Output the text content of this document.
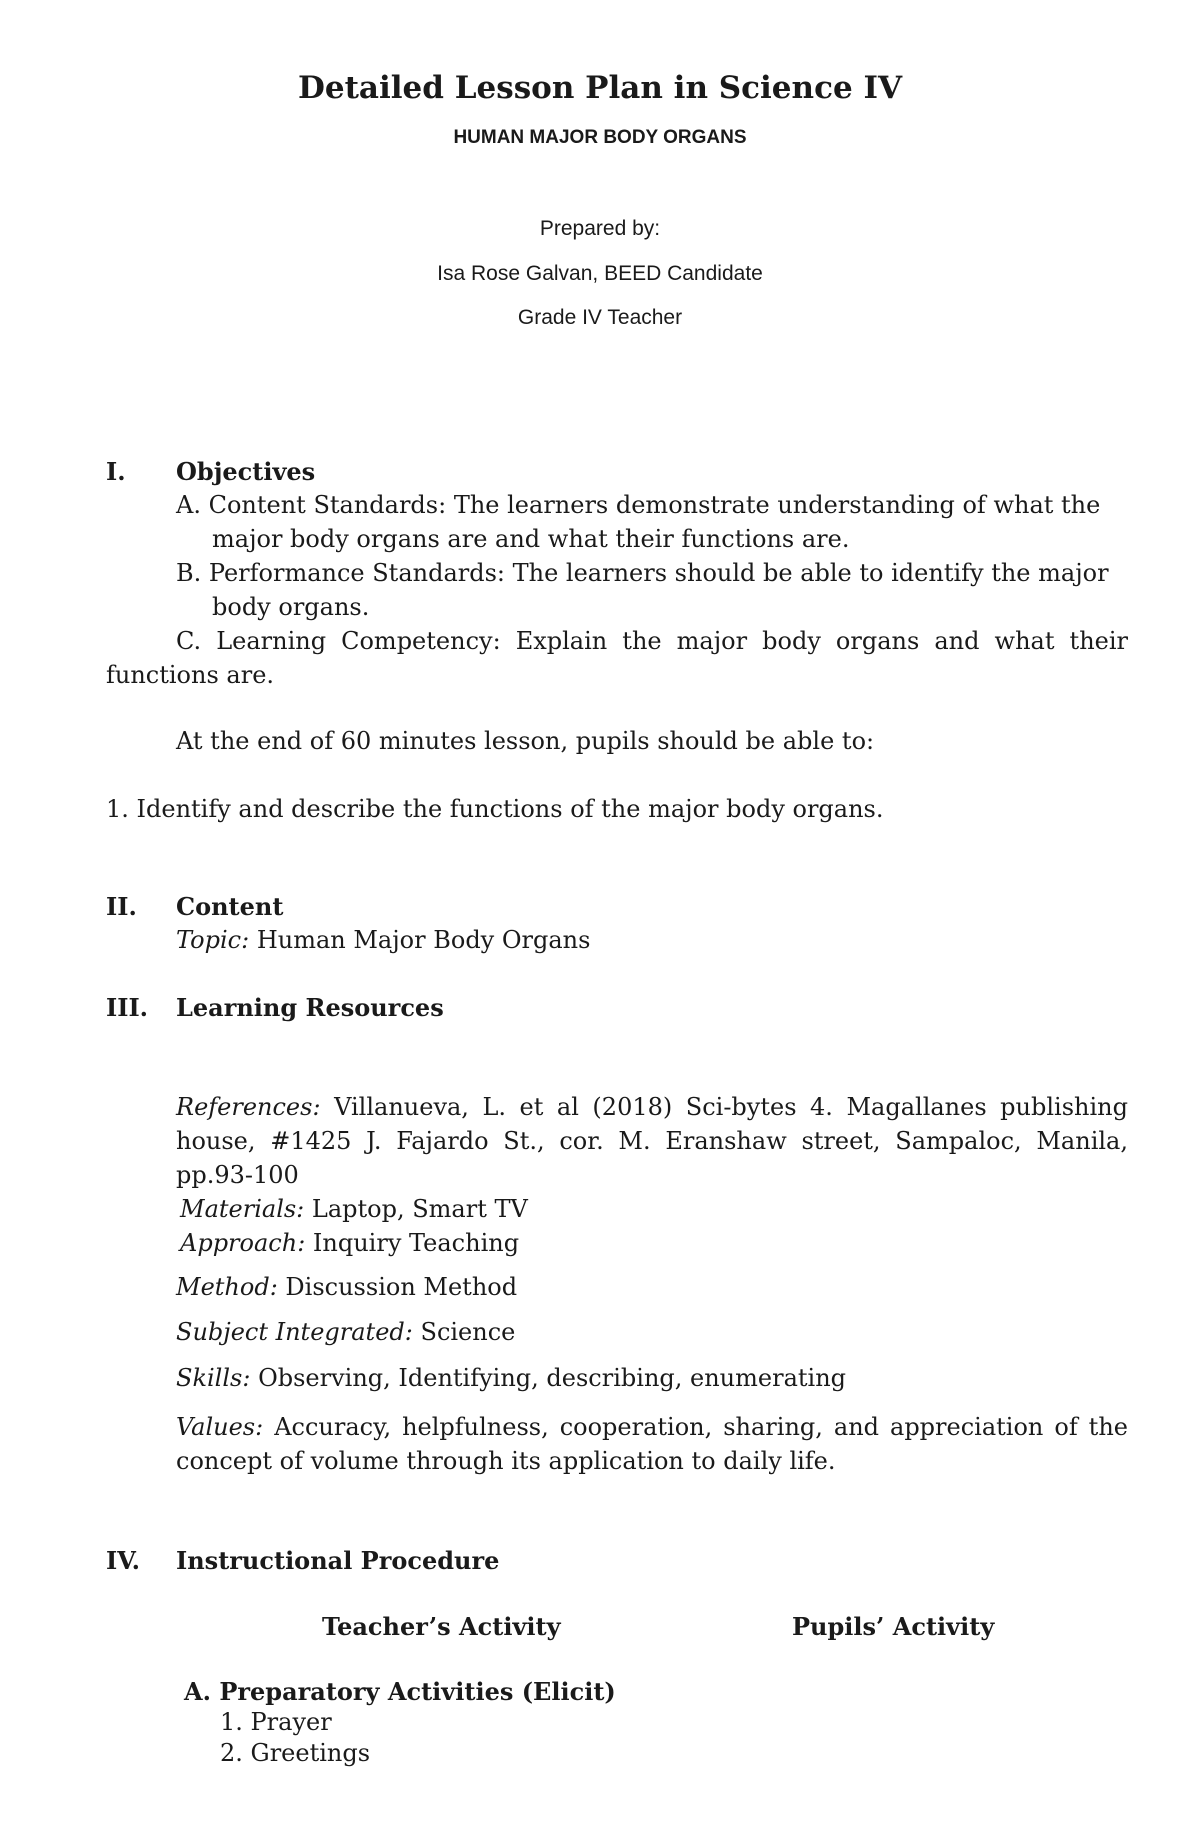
Detailed Lesson Plan in Science IV
HUMAN MAJOR BODY ORGANS
Prepared by:
Isa Rose Galvan, BEED Candidate
Grade IV Teacher
I. Objectives
A. Content Standards: The learners demonstrate understanding of what the
major body organs are and what their functions are.
B. Performance Standards: The learners should be able to identify the major
body organs.
C. Learning Competency: Explain the major body organs and what their
functions are.
At the end of 60 minutes lesson, pupils should be able to:
1. Identify and describe the functions of the major body organs.
II. Content
Topic: Human Major Body Organs
III. Learning Resources
References: Villanueva, L. et al (2018) Sci-bytes 4. Magallanes publishing
house, #1425 J. Fajardo St., cor. M. Eranshaw street, Sampaloc, Manila,
pp.93-100
Materials: Laptop, Smart TV
Approach: Inquiry Teaching
Method: Discussion Method
Subject Integrated: Science
Skills: Observing, Identifying, describing, enumerating
Values: Accuracy, helpfulness, cooperation, sharing, and appreciation of the
concept of volume through its application to daily life.
IV. Instructional Procedure
Teacher’s Activity	Pupils’ Activity
A. Preparatory Activities (Elicit)
1. Prayer
2. Greetings
